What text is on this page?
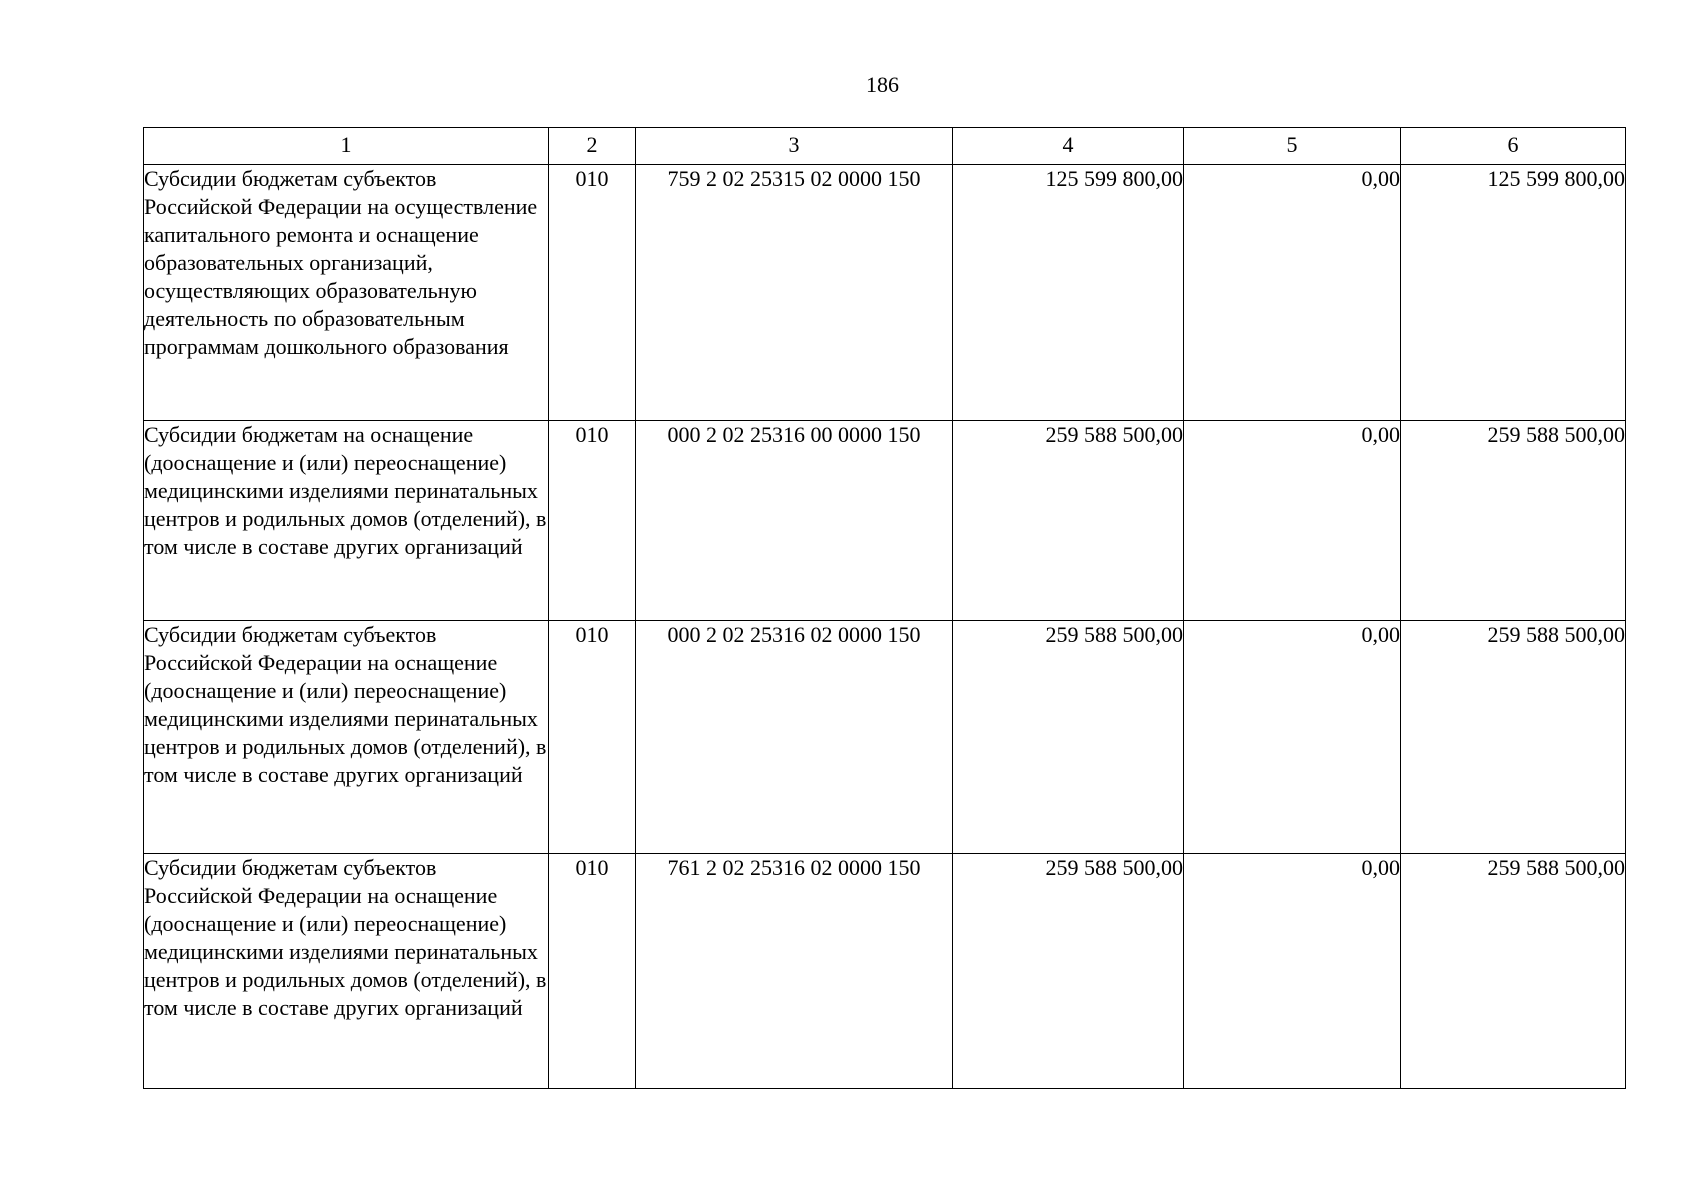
186
1	2	3	4	5	6
Субсидии бюджетам субъектов Российской Федерации на осуществление капитального ремонта и оснащение образовательных организаций, осуществляющих образовательную деятельность по образовательным программам дошкольного образования	010	759 2 02 25315 02 0000 150	125 599 800,00	0,00	125 599 800,00
Субсидии бюджетам на оснащение (дооснащение и (или) переоснащение) медицинскими изделиями перинатальных центров и родильных домов (отделений), в том числе в составе других организаций	010	000 2 02 25316 00 0000 150	259 588 500,00	0,00	259 588 500,00
Субсидии бюджетам субъектов Российской Федерации на оснащение (дооснащение и (или) переоснащение) медицинскими изделиями перинатальных центров и родильных домов (отделений), в том числе в составе других организаций	010	000 2 02 25316 02 0000 150	259 588 500,00	0,00	259 588 500,00
Субсидии бюджетам субъектов Российской Федерации на оснащение (дооснащение и (или) переоснащение) медицинскими изделиями перинатальных центров и родильных домов (отделений), в том числе в составе других организаций	010	761 2 02 25316 02 0000 150	259 588 500,00	0,00	259 588 500,00
